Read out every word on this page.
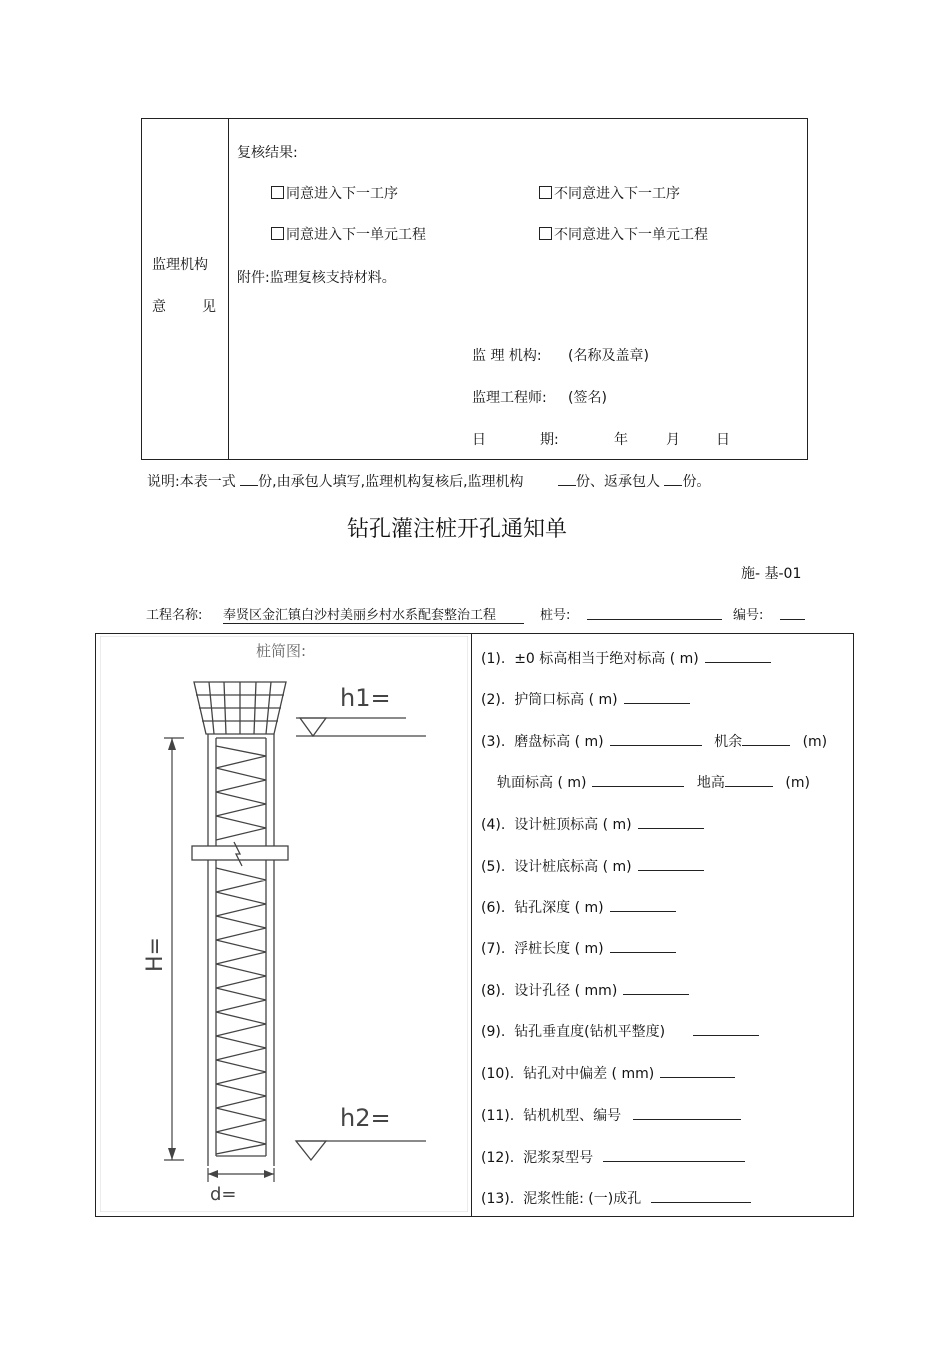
监理机构
意	见
复核结果:
同意进入下一工序	不同意进入下一工序
同意进入下一单元工程	不同意进入下一单元工程
附件:监理复核支持材料。
监 理 机构: (名称及盖章)
监理工程师: (签名)
日	期:	年	月	日
说明:本表一式 份,由承包人填写,监理机构复核后,监理机构	份、返承包人 份。
钻孔灌注桩开孔通知单
施- 基-01
工程名称: 奉贤区金汇镇白沙村美丽乡村水系配套整治工程	桩号:	编号:
桩简图:
h1=
h2=
d=
H=
(1). ±0 标高相当于绝对标高 ( m)
(2). 护筒口标高 ( m)
(3). 磨盘标高 ( m)	机余	(m)
轨面标高 ( m)	地高	(m)
(4). 设计桩顶标高 ( m)
(5). 设计桩底标高 ( m)
(6). 钻孔深度 ( m)
(7). 浮桩长度 ( m)
(8). 设计孔径 ( mm)
(9). 钻孔垂直度(钻机平整度)
(10). 钻孔对中偏差 ( mm)
(11). 钻机机型、编号
(12). 泥浆泵型号
(13). 泥浆性能: (一)成孔
